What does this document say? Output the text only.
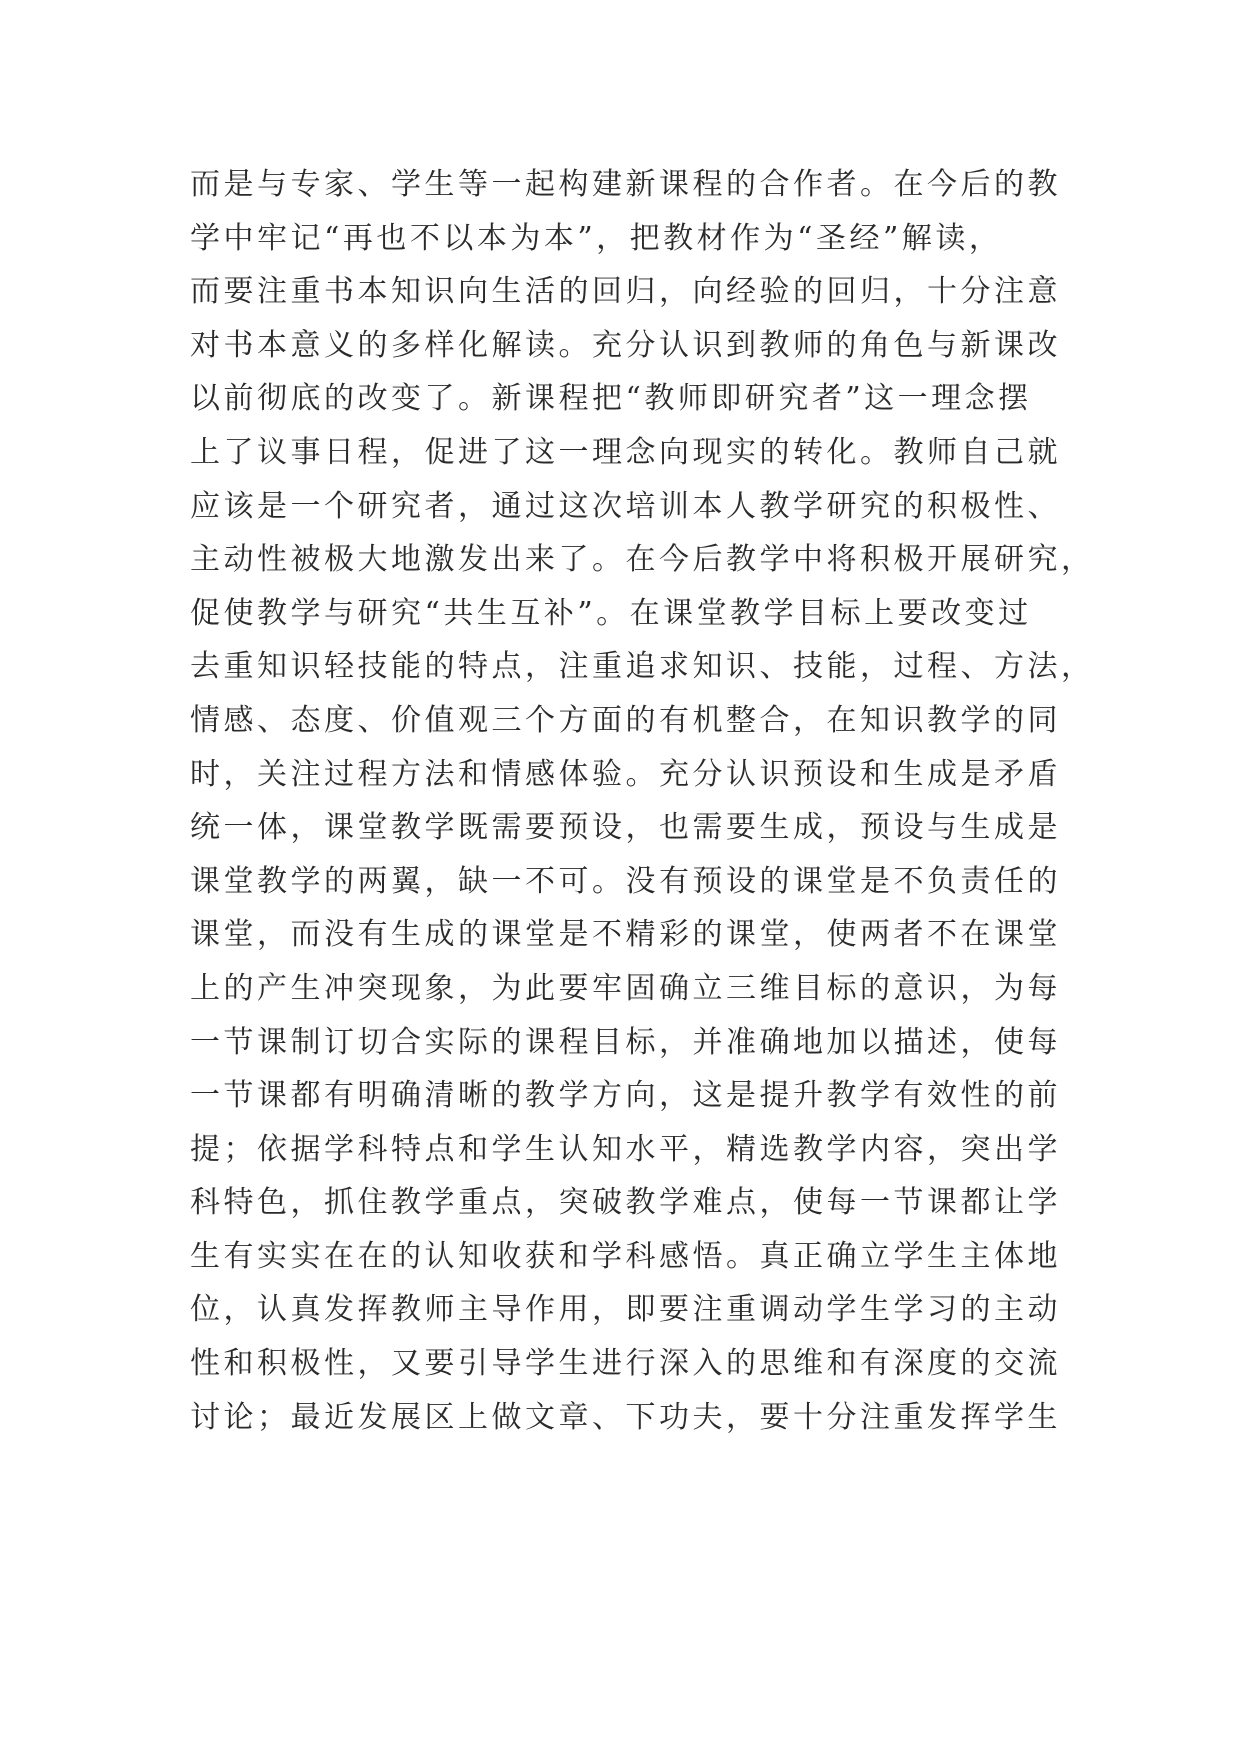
而是与专家、学生等一起构建新课程的合作者。在今后的教
学中牢记“再也不以本为本”，把教材作为“圣经”解读，
而要注重书本知识向生活的回归，向经验的回归，十分注意
对书本意义的多样化解读。充分认识到教师的角色与新课改
以前彻底的改变了。新课程把“教师即研究者”这一理念摆
上了议事日程，促进了这一理念向现实的转化。教师自己就
应该是一个研究者，通过这次培训本人教学研究的积极性、
主动性被极大地激发出来了。在今后教学中将积极开展研究，
促使教学与研究“共生互补”。在课堂教学目标上要改变过
去重知识轻技能的特点，注重追求知识、技能，过程、方法，
情感、态度、价值观三个方面的有机整合，在知识教学的同
时，关注过程方法和情感体验。充分认识预设和生成是矛盾
统一体，课堂教学既需要预设，也需要生成，预设与生成是
课堂教学的两翼，缺一不可。没有预设的课堂是不负责任的
课堂，而没有生成的课堂是不精彩的课堂，使两者不在课堂
上的产生冲突现象，为此要牢固确立三维目标的意识，为每
一节课制订切合实际的课程目标，并准确地加以描述，使每
一节课都有明确清晰的教学方向，这是提升教学有效性的前
提；依据学科特点和学生认知水平，精选教学内容，突出学
科特色，抓住教学重点，突破教学难点，使每一节课都让学
生有实实在在的认知收获和学科感悟。真正确立学生主体地
位，认真发挥教师主导作用，即要注重调动学生学习的主动
性和积极性，又要引导学生进行深入的思维和有深度的交流
讨论；最近发展区上做文章、下功夫，要十分注重发挥学生
